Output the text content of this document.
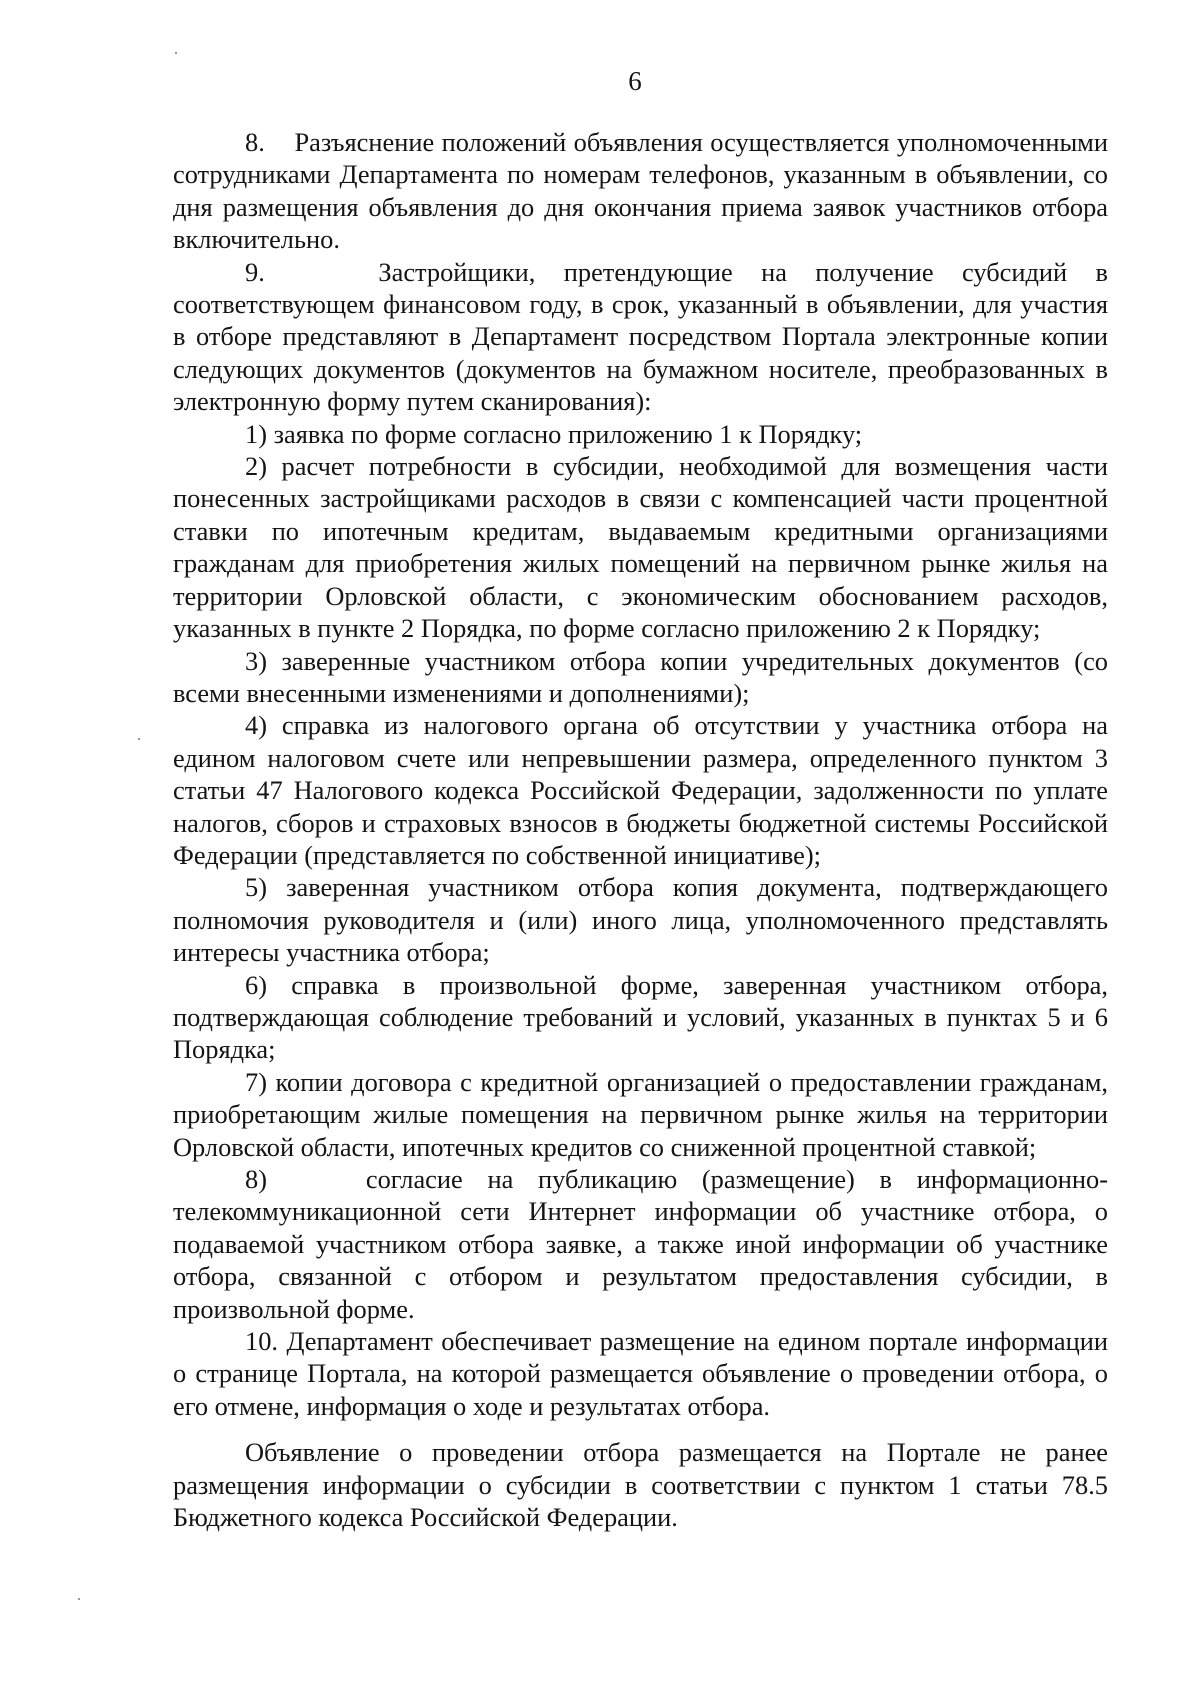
6

8.    Разъяснение положений объявления осуществляется уполномоченными сотрудниками Департамента по номерам телефонов, указанным в объявлении, со дня размещения объявления до дня окончания приема заявок участников отбора включительно.

9.    Застройщики, претендующие на получение субсидий в соответствующем финансовом году, в срок, указанный в объявлении, для участия в отборе представляют в Департамент посредством Портала электронные копии следующих документов (документов на бумажном носителе, преобразованных в электронную форму путем сканирования):

1) заявка по форме согласно приложению 1 к Порядку;

2) расчет потребности в субсидии, необходимой для возмещения части понесенных застройщиками расходов в связи с компенсацией части процентной ставки по ипотечным кредитам, выдаваемым кредитными организациями гражданам для приобретения жилых помещений на первичном рынке жилья на территории Орловской области, с экономическим обоснованием расходов, указанных в пункте 2 Порядка, по форме согласно приложению 2 к Порядку;

3) заверенные участником отбора копии учредительных документов (со всеми внесенными изменениями и дополнениями);

4) справка из налогового органа об отсутствии у участника отбора на едином налоговом счете или непревышении размера, определенного пунктом 3 статьи 47 Налогового кодекса Российской Федерации, задолженности по уплате налогов, сборов и страховых взносов в бюджеты бюджетной системы Российской Федерации (представляется по собственной инициативе);

5) заверенная участником отбора копия документа, подтверждающего полномочия руководителя и (или) иного лица, уполномоченного представлять интересы участника отбора;

6) справка в произвольной форме, заверенная участником отбора, подтверждающая соблюдение требований и условий, указанных в пунктах 5 и 6 Порядка;

7) копии договора с кредитной организацией о предоставлении гражданам, приобретающим жилые помещения на первичном рынке жилья на территории Орловской области, ипотечных кредитов со сниженной процентной ставкой;

8)    согласие на публикацию (размещение) в информационно-телекоммуникационной сети Интернет информации об участнике отбора, о подаваемой участником отбора заявке, а также иной информации об участнике отбора, связанной с отбором и результатом предоставления субсидии, в произвольной форме.

10. Департамент обеспечивает размещение на едином портале информации о странице Портала, на которой размещается объявление о проведении отбора, о его отмене, информация о ходе и результатах отбора.

Объявление о проведении отбора размещается на Портале не ранее размещения информации о субсидии в соответствии с пунктом 1 статьи 78.5 Бюджетного кодекса Российской Федерации.
